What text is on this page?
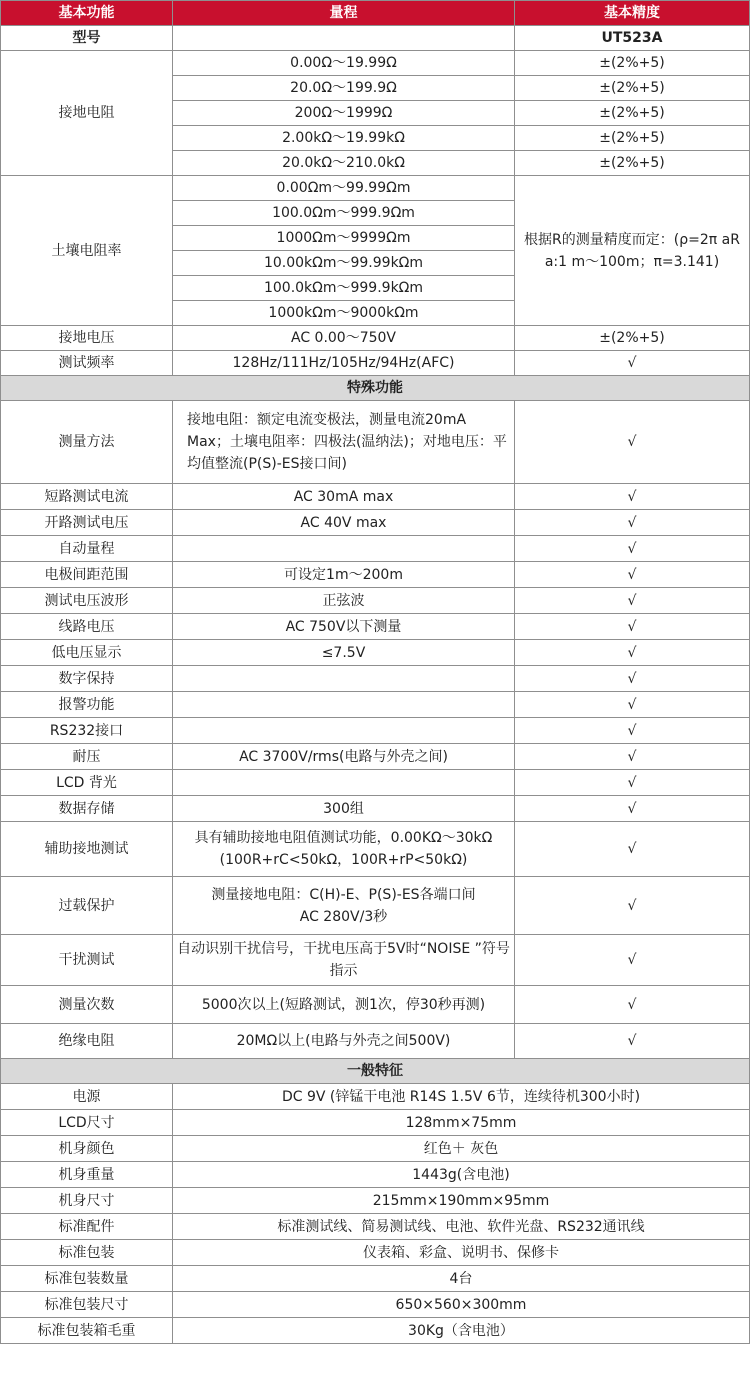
基本功能	量程	基本精度
型号		UT523A
接地电阻	0.00Ω～19.99Ω	±(2%+5)
	20.0Ω～199.9Ω	±(2%+5)
	200Ω～1999Ω	±(2%+5)
	2.00kΩ～19.99kΩ	±(2%+5)
	20.0kΩ～210.0kΩ	±(2%+5)
土壤电阻率	0.00Ωm～99.99Ωm	根据R的测量精度而定：(ρ=2π aR a:1 m～100m；π=3.141)
	100.0Ωm～999.9Ωm	
	1000Ωm～9999Ωm	
	10.00kΩm～99.99kΩm	
	100.0kΩm～999.9kΩm	
	1000kΩm～9000kΩm	
接地电压	AC 0.00～750V	±(2%+5)
测试频率	128Hz/111Hz/105Hz/94Hz(AFC)	√
特殊功能		
测量方法	接地电阻：额定电流变极法，测量电流20mA Max；土壤电阻率：四极法(温纳法)；对地电压：平均值整流(P(S)-ES接口间)	√
短路测试电流	AC 30mA max	√
开路测试电压	AC 40V max	√
自动量程		√
电极间距范围	可设定1m～200m	√
测试电压波形	正弦波	√
线路电压	AC 750V以下测量	√
低电压显示	≤7.5V	√
数字保持		√
报警功能		√
RS232接口		√
耐压	AC 3700V/rms(电路与外壳之间)	√
LCD 背光		√
数据存储	300组	√
辅助接地测试	具有辅助接地电阻值测试功能，0.00KΩ～30kΩ (100R+rC<50kΩ，100R+rP<50kΩ)	√
过载保护	测量接地电阻：C(H)-E、P(S)-ES各端口间AC 280V/3秒	√
干扰测试	自动识别干扰信号，干扰电压高于5V时“NOISE ”符号指示	√
测量次数	5000次以上(短路测试，测1次，停30秒再测)	√
绝缘电阻	20MΩ以上(电路与外壳之间500V)	√
一般特征		
电源	DC 9V (锌锰干电池 R14S 1.5V 6节，连续待机300小时)	
LCD尺寸	128mm×75mm	
机身颜色	红色＋ 灰色	
机身重量	1443g(含电池)	
机身尺寸	215mm×190mm×95mm	
标准配件	标准测试线、简易测试线、电池、软件光盘、RS232通讯线	
标准包装	仪表箱、彩盒、说明书、保修卡	
标准包装数量	4台	
标准包装尺寸	650×560×300mm	
标准包装箱毛重	30Kg（含电池）	
